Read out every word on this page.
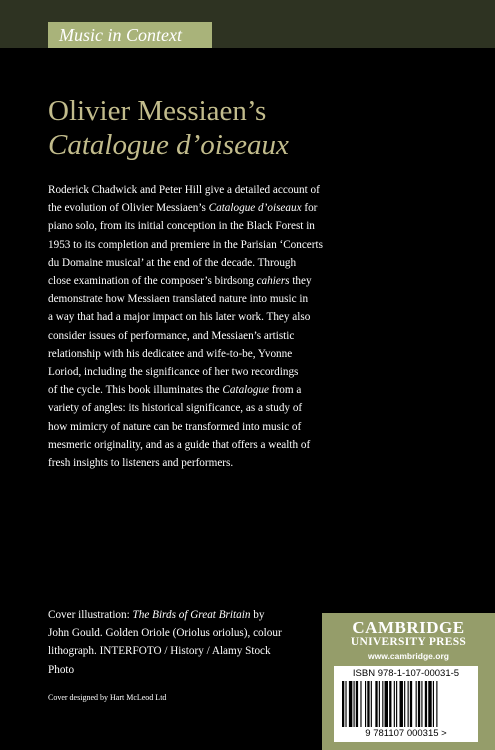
Music in Context
Olivier Messiaen’s
Catalogue d’oiseaux
Roderick Chadwick and Peter Hill give a detailed account of
the evolution of Olivier Messiaen’s Catalogue d’oiseaux for
piano solo, from its initial conception in the Black Forest in
1953 to its completion and premiere in the Parisian ‘Concerts
du Domaine musical’ at the end of the decade. Through
close examination of the composer’s birdsong cahiers they
demonstrate how Messiaen translated nature into music in
a way that had a major impact on his later work. They also
consider issues of performance, and Messiaen’s artistic
relationship with his dedicatee and wife-to-be, Yvonne
Loriod, including the significance of her two recordings
of the cycle. This book illuminates the Catalogue from a
variety of angles: its historical significance, as a study of
how mimicry of nature can be transformed into music of
mesmeric originality, and as a guide that offers a wealth of
fresh insights to listeners and performers.
Cover illustration: The Birds of Great Britain by
John Gould. Golden Oriole (Oriolus oriolus), colour
lithograph. INTERFOTO / History / Alamy Stock
Photo
Cover designed by Hart McLeod Ltd
CAMBRIDGE
UNIVERSITY PRESS
www.cambridge.org
ISBN 978-1-107-00031-5
9 781107 000315 >
